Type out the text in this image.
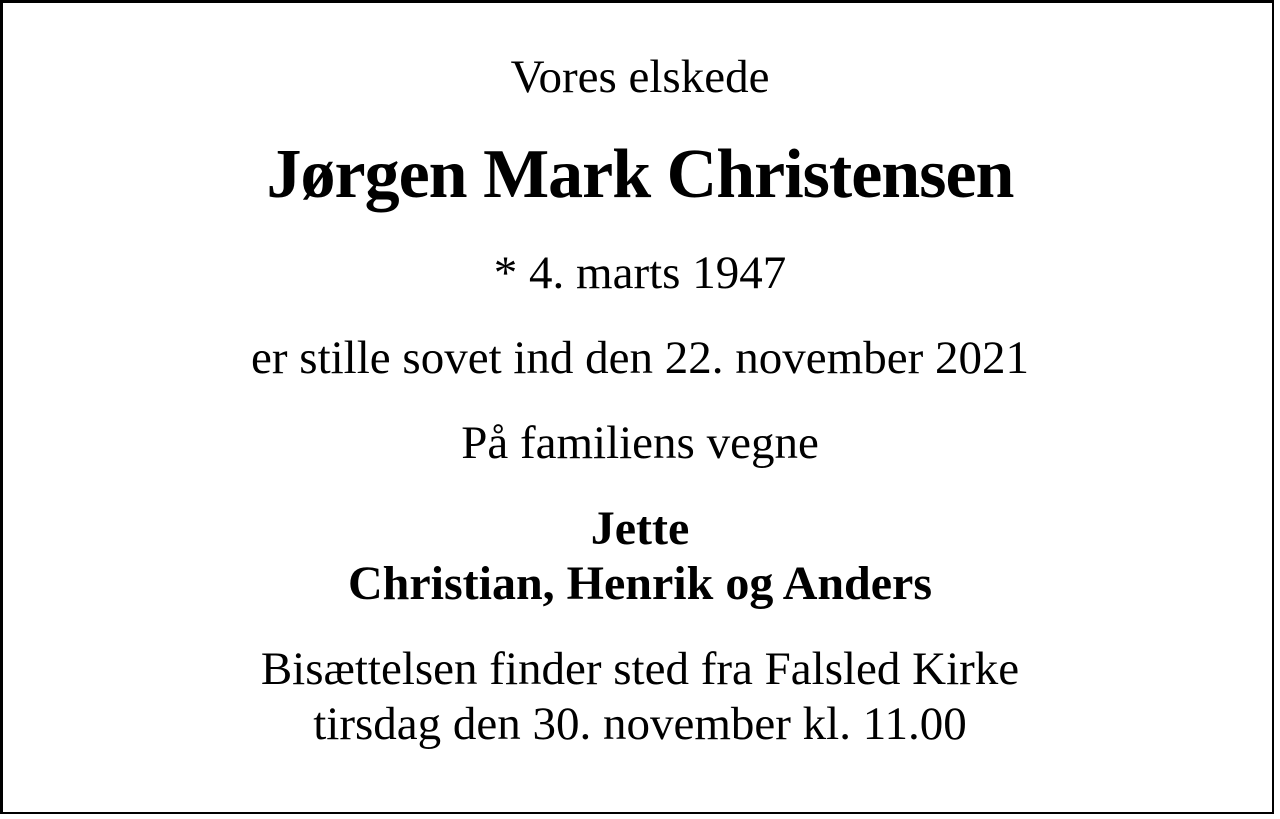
Vores elskede
Jørgen Mark Christensen
* 4. marts 1947
er stille sovet ind den 22. november 2021
På familiens vegne
Jette
Christian, Henrik og Anders
Bisættelsen finder sted fra Falsled Kirke
tirsdag den 30. november kl. 11.00
